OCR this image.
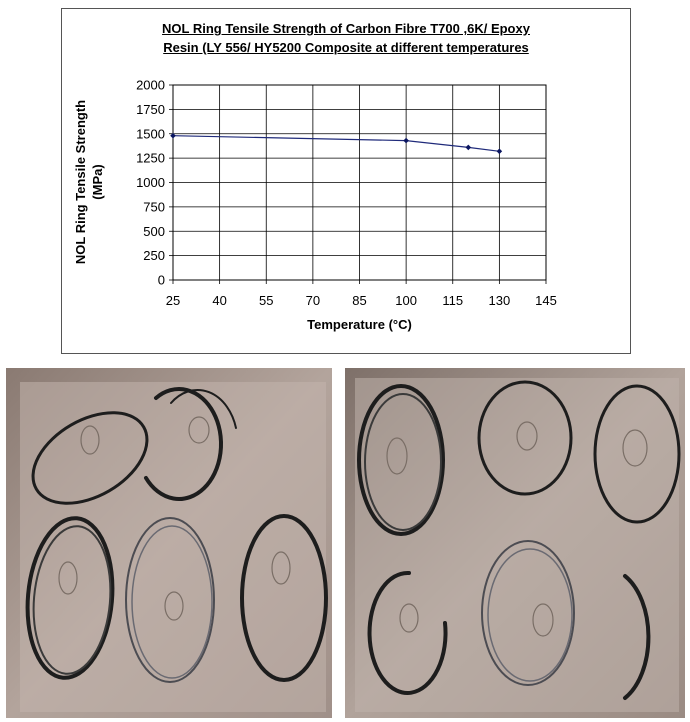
NOL Ring Tensile Strength of Carbon Fibre T700 ,6K/ Epoxy
Resin (LY 556/ HY5200 Composite at different temperatures
0
250
500
750
1000
1250
1500
1750
2000
25 40 55 70 85 100 115 130 145
Temperature (°C)
NOL Ring Tensile Strength (MPa)
